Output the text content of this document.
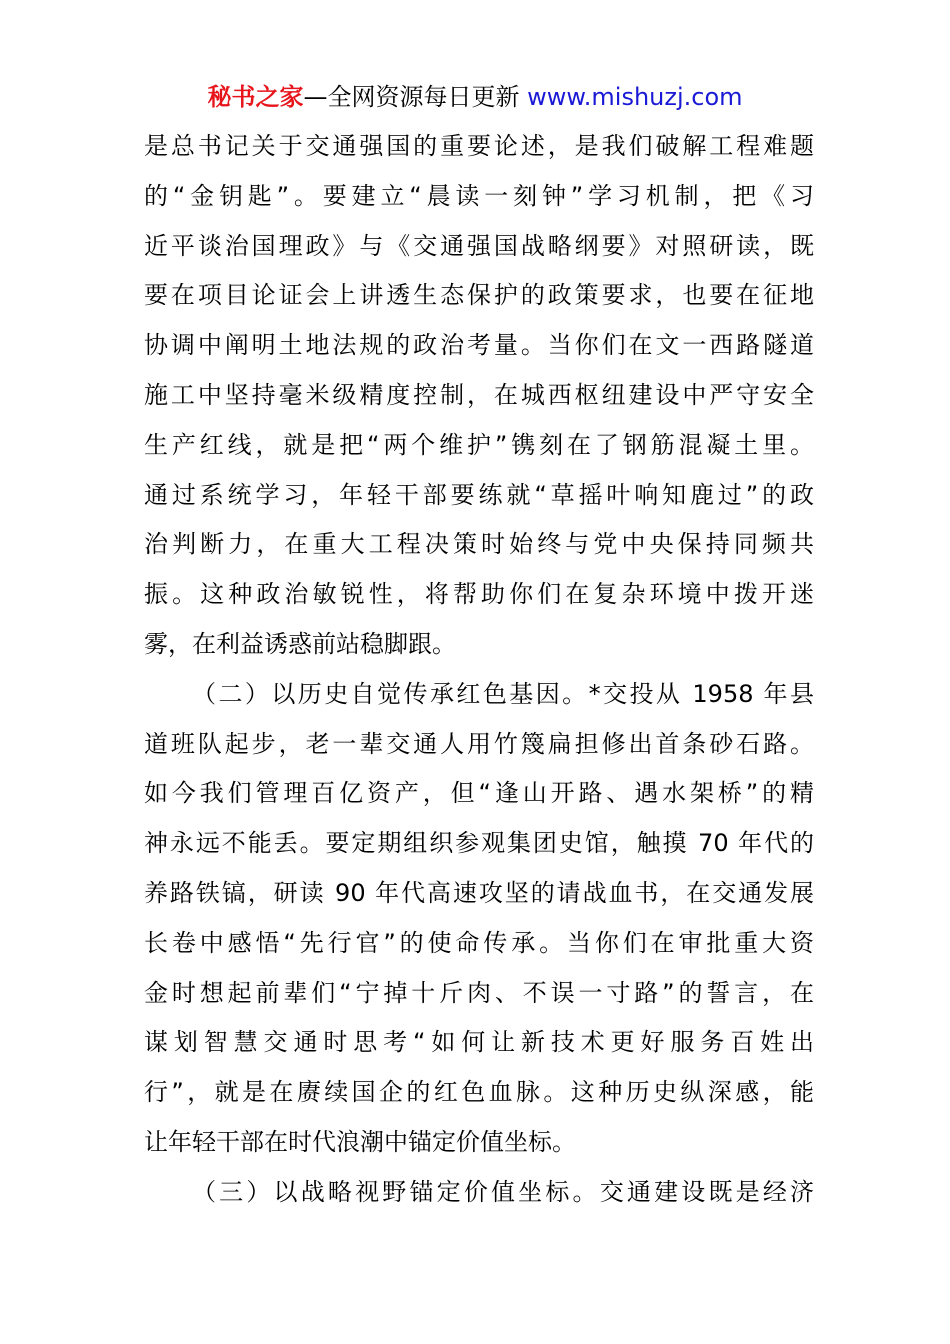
秘书之家—全网资源每日更新 www.mishuzj.com
是总书记关于交通强国的重要论述，是我们破解工程难题
的“金钥匙”。要建立“晨读一刻钟”学习机制，把《习
近平谈治国理政》与《交通强国战略纲要》对照研读，既
要在项目论证会上讲透生态保护的政策要求，也要在征地
协调中阐明土地法规的政治考量。当你们在文一西路隧道
施工中坚持毫米级精度控制，在城西枢纽建设中严守安全
生产红线，就是把“两个维护”镌刻在了钢筋混凝土里。
通过系统学习，年轻干部要练就“草摇叶响知鹿过”的政
治判断力，在重大工程决策时始终与党中央保持同频共
振。这种政治敏锐性，将帮助你们在复杂环境中拨开迷
雾，在利益诱惑前站稳脚跟。
（二）以历史自觉传承红色基因。*交投从 1958 年县
道班队起步，老一辈交通人用竹篾扁担修出首条砂石路。
如今我们管理百亿资产，但“逢山开路、遇水架桥”的精
神永远不能丢。要定期组织参观集团史馆，触摸 70 年代的
养路铁镐，研读 90 年代高速攻坚的请战血书，在交通发展
长卷中感悟“先行官”的使命传承。当你们在审批重大资
金时想起前辈们“宁掉十斤肉、不误一寸路”的誓言，在
谋划智慧交通时思考“如何让新技术更好服务百姓出
行”，就是在赓续国企的红色血脉。这种历史纵深感，能
让年轻干部在时代浪潮中锚定价值坐标。
（三）以战略视野锚定价值坐标。交通建设既是经济
